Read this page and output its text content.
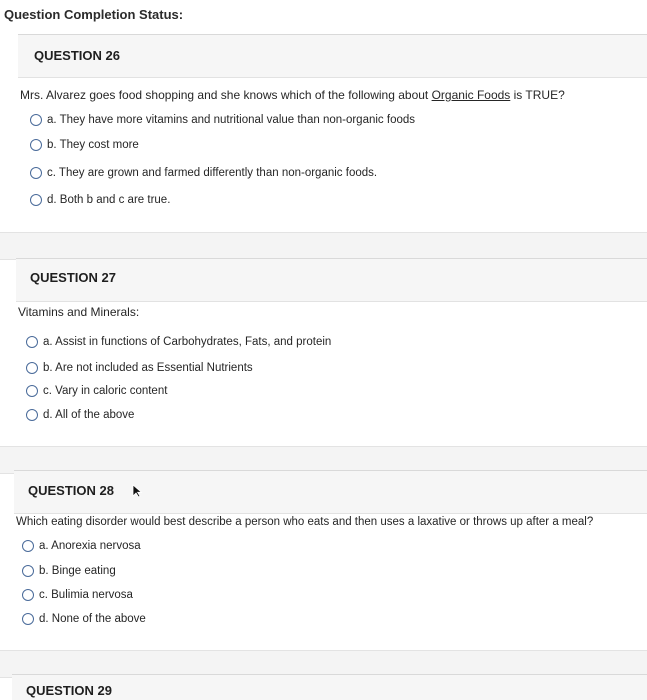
Question Completion Status:
QUESTION 26
Mrs. Alvarez goes food shopping and she knows which of the following about Organic Foods is TRUE?
a. They have more vitamins and nutritional value than non-organic foods
b. They cost more
c. They are grown and farmed differently than non-organic foods.
d. Both b and c are true.
QUESTION 27
Vitamins and Minerals:
a. Assist in functions of Carbohydrates, Fats, and protein
b. Are not included as Essential Nutrients
c. Vary in caloric content
d. All of the above
QUESTION 28
Which eating disorder would best describe a person who eats and then uses a laxative or throws up after a meal?
a. Anorexia nervosa
b. Binge eating
c. Bulimia nervosa
d. None of the above
QUESTION 29
